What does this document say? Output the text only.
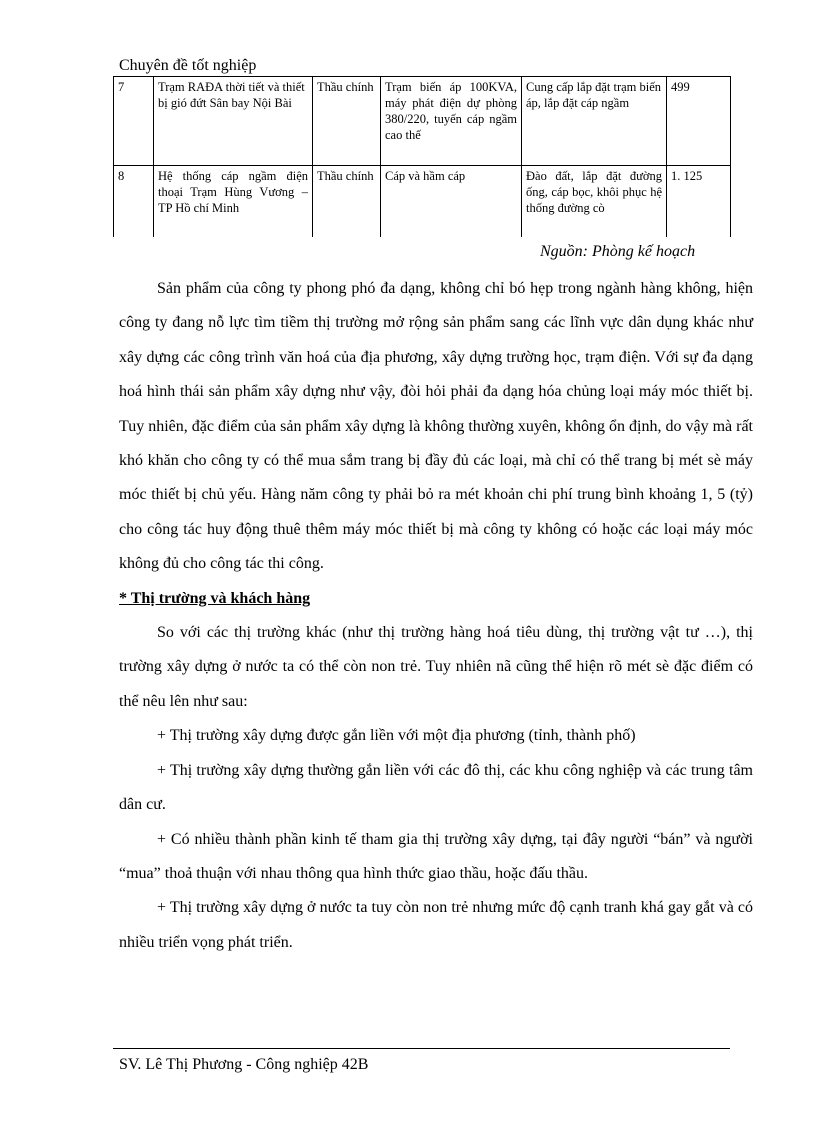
Chuyên đề tốt nghiệp
7	Trạm RAĐA thời tiết và thiết bị gió đứt Sân bay Nội Bài	Thầu chính	Trạm biến áp 100KVA, máy phát điện dự phòng 380/220, tuyến cáp ngầm cao thế	Cung cấp lắp đặt trạm biến áp, lắp đặt cáp ngầm	499
8	Hệ thống cáp ngầm điện thoại Trạm Hùng Vương – TP Hồ chí Minh	Thầu chính	Cáp và hầm cáp	Đào đất, lắp đặt đường ống, cáp bọc, khôi phục hệ thống đường cò	1. 125
Nguồn: Phòng kế hoạch

Sản phẩm của công ty phong phó đa dạng, không chỉ bó hẹp trong ngành hàng không, hiện công ty đang nỗ lực tìm tiềm thị trường mở rộng sản phẩm sang các lĩnh vực dân dụng khác như xây dựng các công trình văn hoá của địa phương, xây dựng trường học, trạm điện. Với sự đa dạng hoá hình thái sản phẩm xây dựng như vậy, đòi hỏi phải đa dạng hóa chủng loại máy móc thiết bị. Tuy nhiên, đặc điểm của sản phẩm xây dựng là không thường xuyên, không ổn định, do vậy mà rất khó khăn cho công ty có thể mua sắm trang bị đầy đủ các loại, mà chỉ có thể trang bị mét sè máy móc thiết bị chủ yếu. Hàng năm công ty phải bỏ ra mét khoản chi phí trung bình khoảng 1, 5 (tỷ) cho công tác huy động thuê thêm máy móc thiết bị mà công ty không có hoặc các loại máy móc không đủ cho công tác thi công.

* Thị trường và khách hàng

So với các thị trường khác (như thị trường hàng hoá tiêu dùng, thị trường vật tư …), thị trường xây dựng ở nước ta có thể còn non trẻ. Tuy nhiên nã cũng thể hiện rõ mét sè đặc điểm có thể nêu lên như sau:

+ Thị trường xây dựng được gắn liền với một địa phương (tỉnh, thành phố)

+ Thị trường xây dựng thường gắn liền với các đô thị, các khu công nghiệp và các trung tâm dân cư.

+ Có nhiều thành phần kinh tế tham gia thị trường xây dựng, tại đây người “bán” và người “mua” thoả thuận với nhau thông qua hình thức giao thầu, hoặc đấu thầu.

+ Thị trường xây dựng ở nước ta tuy còn non trẻ nhưng mức độ cạnh tranh khá gay gắt và có nhiều triển vọng phát triển.

SV. Lê Thị Phương - Công nghiệp 42B
